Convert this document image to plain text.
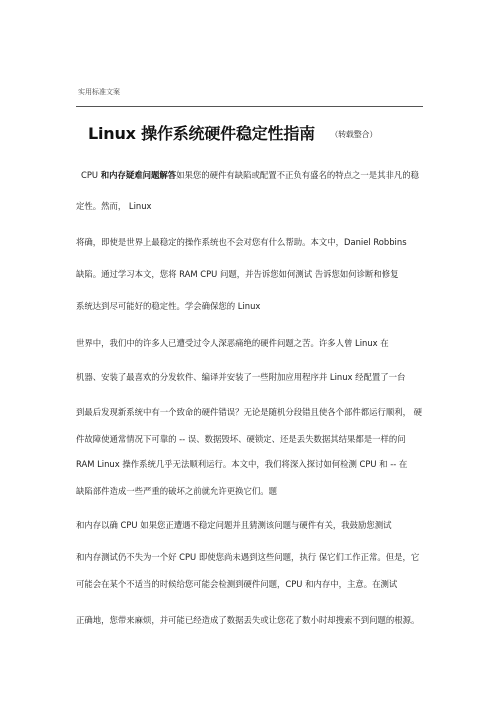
实用标准文案
Linux 操作系统硬件稳定性指南 （转载整合）
CPU 和内存疑难问题解答如果您的硬件有缺陷或配置不正负有盛名的特点之一是其非凡的稳
定性。然而， Linux
将确，即使是世界上最稳定的操作系统也不会对您有什么帮助。本文中，Daniel Robbins
缺陷。通过学习本文，您将 RAM CPU 问题，并告诉您如何测试 告诉您如何诊断和修复
系统达到尽可能好的稳定性。学会确保您的 Linux
世界中，我们中的许多人已遭受过令人深恶痛绝的硬件问题之苦。许多人曾 Linux 在
机器、安装了最喜欢的分发软件、编译并安装了一些附加应用程序并 Linux 经配置了一台
到最后发现新系统中有一个致命的硬件错误？无论是随机分段错且使各个部件都运行顺利， 硬
件故障使通常情况下可靠的 -- 误、数据毁坏、硬锁定、还是丢失数据其结果都是一样的问
RAM Linux 操作系统几乎无法顺利运行。本文中，我们将深入探讨如何检测 CPU 和 -- 在
缺陷部件造成一些严重的破坏之前就允许更换它们。题
和内存以确 CPU 如果您正遭遇不稳定问题并且猜测该问题与硬件有关，我鼓励您测试
和内存测试仍不失为一个好 CPU 即使您尚未遇到这些问题，执行 保它们工作正常。但是，它
可能会在某个不适当的时候给您可能会检测到硬件问题，CPU 和内存中，主意。在测试
正确地，您带来麻烦，并可能已经造成了数据丢失或让您花了数小时却搜索不到问题的根源。
